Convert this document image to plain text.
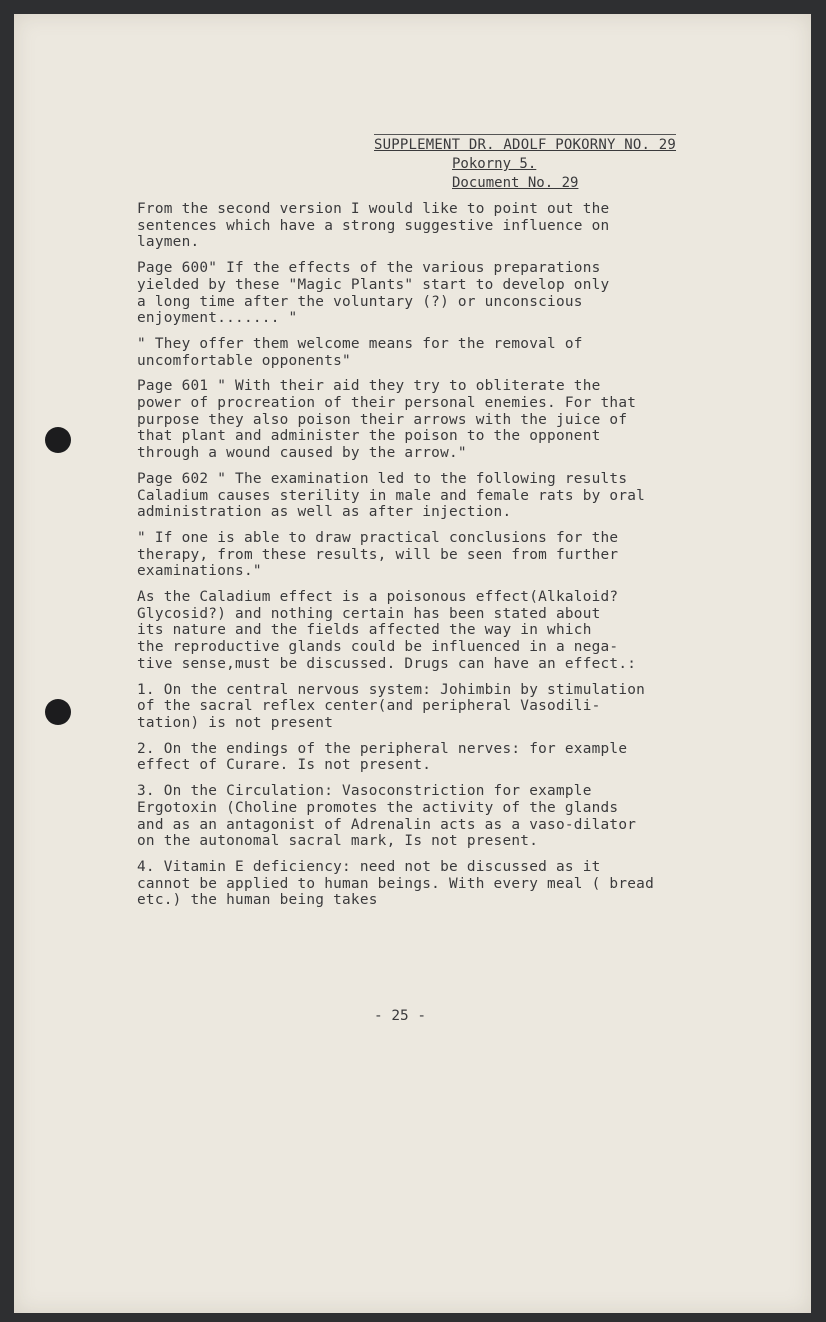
SUPPLEMENT DR. ADOLF POKORNY NO. 29
Pokorny 5.
Document No. 29

From the second version I would like to point out the
sentences which have a strong suggestive influence on
laymen.

Page 600" If the effects of the various preparations
yielded by these "Magic Plants" start to develop only
a long time after the voluntary (?) or unconscious
enjoyment....... "

" They offer them welcome means for the removal of
uncomfortable opponents"

Page 601 " With their aid they try to obliterate the
power of procreation of their personal enemies. For that
purpose they also poison their arrows with the juice of
that plant and administer the poison to the opponent
through a wound caused by the arrow."

Page 602 " The examination led to the following results
Caladium causes sterility in male and female rats by oral
administration as well as after injection.

" If one is able to draw practical conclusions for the
therapy, from these results, will be seen from further
examinations."

As the Caladium effect is a poisonous effect(Alkaloid?
Glycosid?) and nothing certain has been stated about
its nature and the fields affected the way in which
the reproductive glands could be influenced in a nega-
tive sense,must be discussed. Drugs can have an effect.:

1. On the central nervous system: Johimbin by stimulation
of the sacral reflex center(and peripheral Vasodili-
tation) is not present

2. On the endings of the peripheral nerves: for example
effect of Curare. Is not present.

3. On the Circulation: Vasoconstriction for example
Ergotoxin (Choline promotes the activity of the glands
and as an antagonist of Adrenalin acts as a vaso-dilator
on the autonomal sacral mark, Is not present.

4. Vitamin E deficiency: need not be discussed as it
cannot be applied to human beings. With every meal ( bread
etc.) the human being takes

- 25 -
